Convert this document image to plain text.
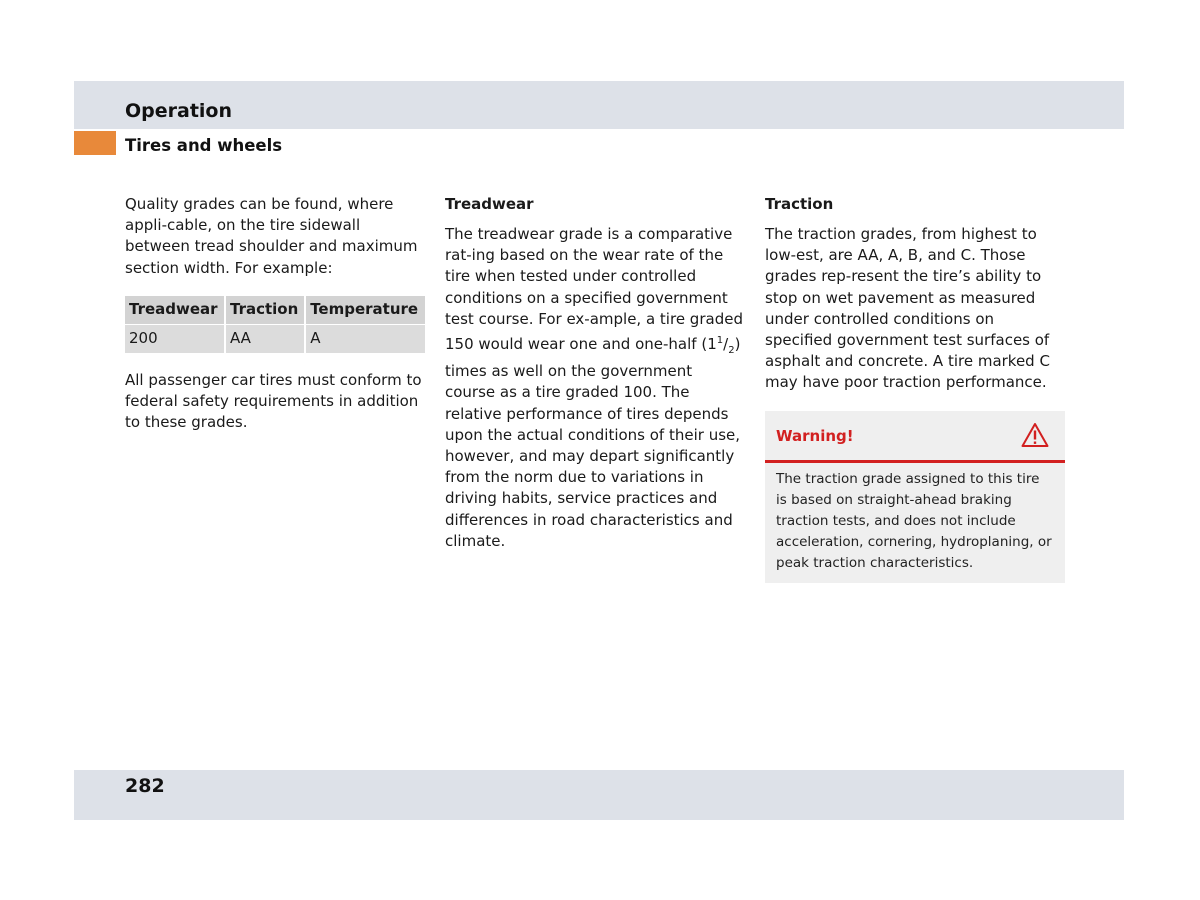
Operation
Tires and wheels

Quality grades can be found, where appli-cable, on the tire sidewall between tread shoulder and maximum section width. For example:

Treadwear	Traction	Temperature
200	AA	A

All passenger car tires must conform to federal safety requirements in addition to these grades.

Treadwear

The treadwear grade is a comparative rat-ing based on the wear rate of the tire when tested under controlled conditions on a specified government test course. For ex-ample, a tire graded 150 would wear one and one-half $(1^1/_2)$ times as well on the government course as a tire graded 100. The relative performance of tires depends upon the actual conditions of their use, however, and may depart significantly from the norm due to variations in driving habits, service practices and differences in road characteristics and climate.

Traction

The traction grades, from highest to low-est, are AA, A, B, and C. Those grades rep-resent the tire’s ability to stop on wet pavement as measured under controlled conditions on specified government test surfaces of asphalt and concrete. A tire marked C may have poor traction performance.

Warning!
The traction grade assigned to this tire is based on straight-ahead braking traction tests, and does not include acceleration, cornering, hydroplaning, or peak traction characteristics.
282
